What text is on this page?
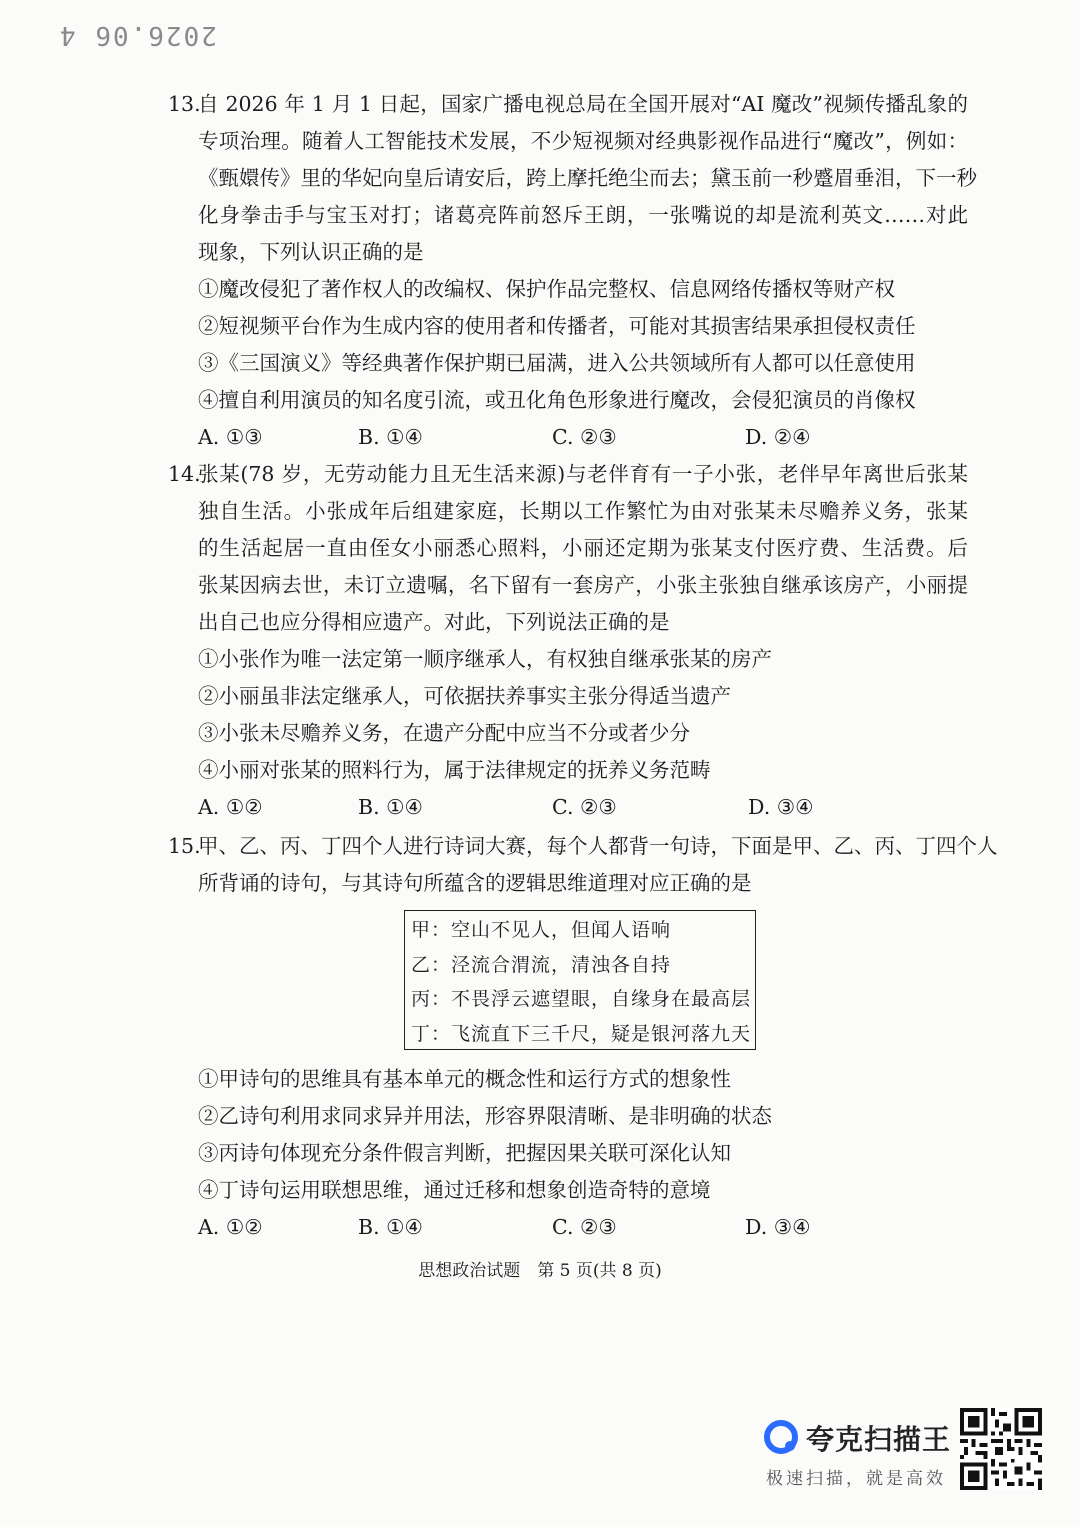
2026.06 4
13.
自 2026 年 1 月 1 日起，国家广播电视总局在全国开展对“AI 魔改”视频传播乱象的
专项治理。随着人工智能技术发展，不少短视频对经典影视作品进行“魔改”，例如：
《甄嬛传》里的华妃向皇后请安后，跨上摩托绝尘而去；黛玉前一秒蹙眉垂泪，下一秒
化身拳击手与宝玉对打；诸葛亮阵前怒斥王朗，一张嘴说的却是流利英文……对此
现象，下列认识正确的是
①魔改侵犯了著作权人的改编权、保护作品完整权、信息网络传播权等财产权
②短视频平台作为生成内容的使用者和传播者，可能对其损害结果承担侵权责任
③《三国演义》等经典著作保护期已届满，进入公共领域所有人都可以任意使用
④擅自利用演员的知名度引流，或丑化角色形象进行魔改，会侵犯演员的肖像权
A. ①③	B. ①④	C. ②③	D. ②④
14.
张某(78 岁，无劳动能力且无生活来源)与老伴育有一子小张，老伴早年离世后张某
独自生活。小张成年后组建家庭，长期以工作繁忙为由对张某未尽赡养义务，张某
的生活起居一直由侄女小丽悉心照料，小丽还定期为张某支付医疗费、生活费。后
张某因病去世，未订立遗嘱，名下留有一套房产，小张主张独自继承该房产，小丽提
出自己也应分得相应遗产。对此，下列说法正确的是
①小张作为唯一法定第一顺序继承人，有权独自继承张某的房产
②小丽虽非法定继承人，可依据扶养事实主张分得适当遗产
③小张未尽赡养义务，在遗产分配中应当不分或者少分
④小丽对张某的照料行为，属于法律规定的抚养义务范畴
A. ①②	B. ①④	C. ②③	D. ③④
15.
甲、乙、丙、丁四个人进行诗词大赛，每个人都背一句诗，下面是甲、乙、丙、丁四个人
所背诵的诗句，与其诗句所蕴含的逻辑思维道理对应正确的是
甲：空山不见人，但闻人语响
乙：泾流合渭流，清浊各自持
丙：不畏浮云遮望眼，自缘身在最高层
丁：飞流直下三千尺，疑是银河落九天
①甲诗句的思维具有基本单元的概念性和运行方式的想象性
②乙诗句利用求同求异并用法，形容界限清晰、是非明确的状态
③丙诗句体现充分条件假言判断，把握因果关联可深化认知
④丁诗句运用联想思维，通过迁移和想象创造奇特的意境
A. ①②	B. ①④	C. ②③	D. ③④
思想政治试题　第 5 页(共 8 页)
夸克扫描王
极速扫描，就是高效
